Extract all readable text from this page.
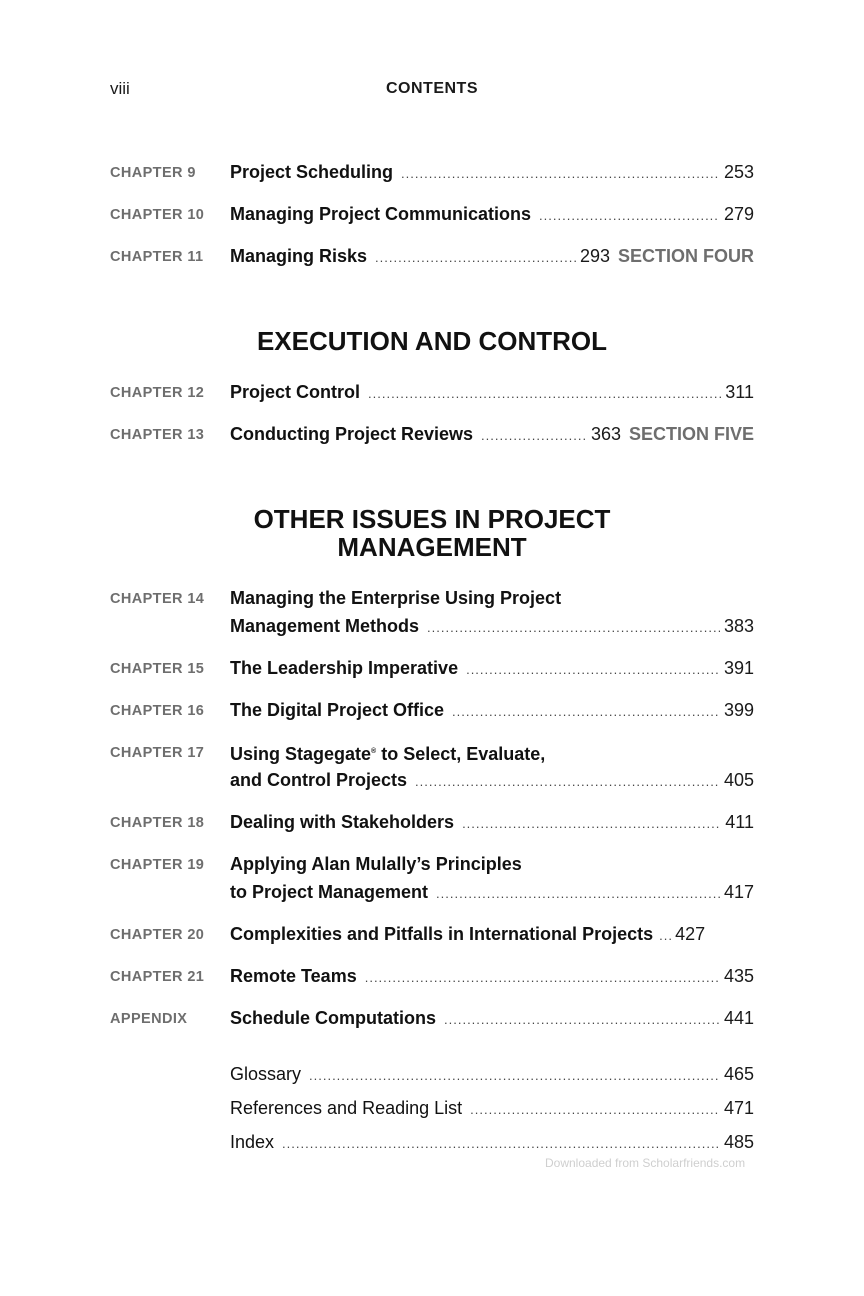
viii	CONTENTS
CHAPTER 9 Project Scheduling .....	253
CHAPTER 10 Managing Project Communications .....	279
CHAPTER 11 Managing Risks .....	293 SECTION FOUR
EXECUTION AND CONTROL
CHAPTER 12 Project Control .....	311
CHAPTER 13 Conducting Project Reviews .....	363 SECTION FIVE
OTHER ISSUES IN PROJECT
MANAGEMENT
CHAPTER 14 Managing the Enterprise Using Project
Management Methods .....	383
CHAPTER 15 The Leadership Imperative .....	391
CHAPTER 16 The Digital Project Office .....	399
CHAPTER 17 Using Stagegate® to Select, Evaluate,
and Control Projects .....	405
CHAPTER 18 Dealing with Stakeholders .....	411
CHAPTER 19 Applying Alan Mulally’s Principles
to Project Management .....	417
CHAPTER 20 Complexities and Pitfalls in International Projects ..... 427
CHAPTER 21 Remote Teams .....	435
APPENDIX Schedule Computations .....	441
Glossary .....	465
References and Reading List .....	471
Index .....	485
Downloaded from Scholarfriends.com
